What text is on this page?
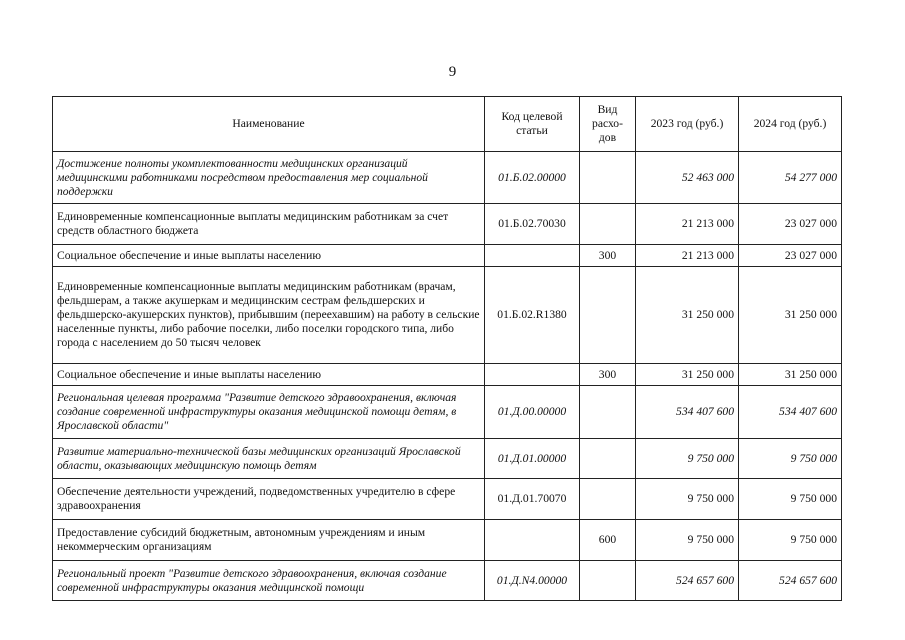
9
Наименование	Код целевой статьи	Вид расхо-дов	2023 год (руб.)	2024 год (руб.)
Достижение полноты укомплектованности медицинских организаций медицинскими работниками посредством предоставления мер социальной поддержки	01.Б.02.00000		52 463 000	54 277 000
Единовременные компенсационные выплаты медицинским работникам за счет средств областного бюджета	01.Б.02.70030		21 213 000	23 027 000
Социальное обеспечение и иные выплаты населению		300	21 213 000	23 027 000
Единовременные компенсационные выплаты медицинским работникам (врачам, фельдшерам, а также акушеркам и медицинским сестрам фельдшерских и фельдшерско-акушерских пунктов), прибывшим (переехавшим) на работу в сельские населенные пункты, либо рабочие поселки, либо поселки городского типа, либо города с населением до 50 тысяч человек	01.Б.02.R1380		31 250 000	31 250 000
Социальное обеспечение и иные выплаты населению		300	31 250 000	31 250 000
Региональная целевая программа "Развитие детского здравоохранения, включая создание современной инфраструктуры оказания медицинской помощи детям, в Ярославской области"	01.Д.00.00000		534 407 600	534 407 600
Развитие материально-технической базы медицинских организаций Ярославской области, оказывающих медицинскую помощь детям	01.Д.01.00000		9 750 000	9 750 000
Обеспечение деятельности учреждений, подведомственных учредителю в сфере здравоохранения	01.Д.01.70070		9 750 000	9 750 000
Предоставление субсидий бюджетным, автономным учреждениям и иным некоммерческим организациям		600	9 750 000	9 750 000
Региональный проект "Развитие детского здравоохранения, включая создание современной инфраструктуры оказания медицинской помощи	01.Д.N4.00000		524 657 600	524 657 600
